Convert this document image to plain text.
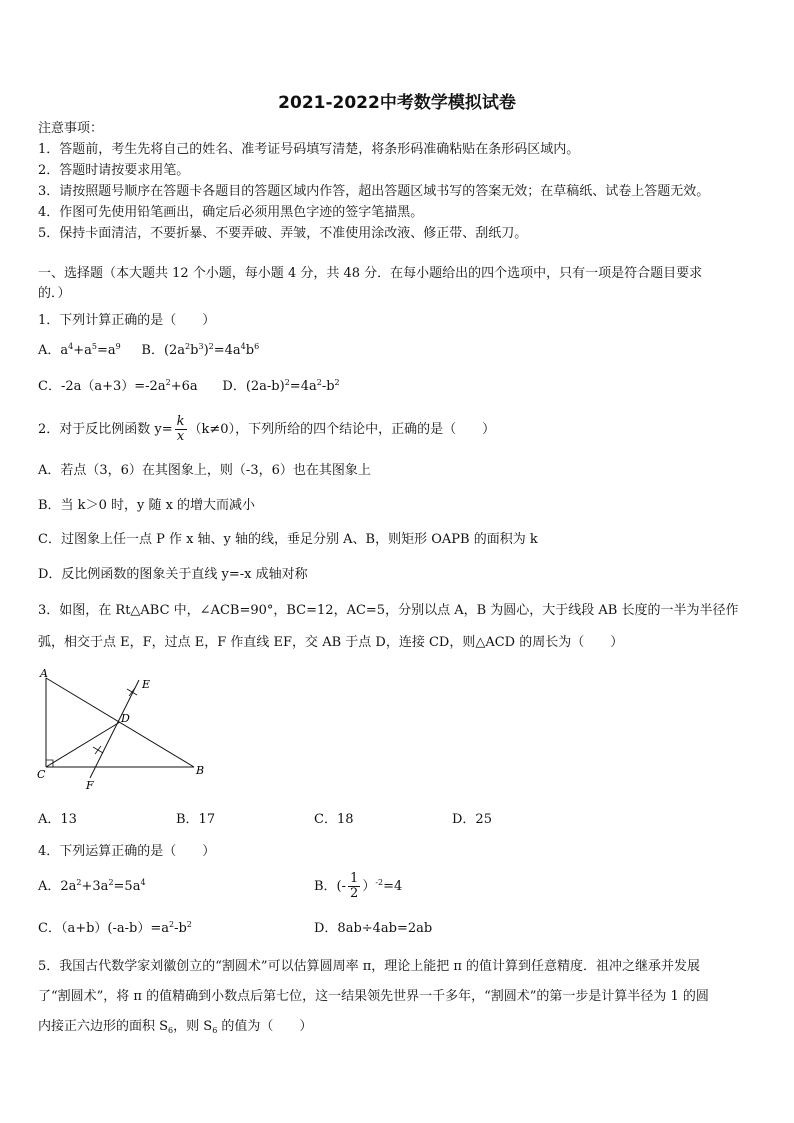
2021-2022中考数学模拟试卷
注意事项：
1．答题前，考生先将自己的姓名、准考证号码填写清楚，将条形码准确粘贴在条形码区域内。
2．答题时请按要求用笔。
3．请按照题号顺序在答题卡各题目的答题区域内作答，超出答题区域书写的答案无效；在草稿纸、试卷上答题无效。
4．作图可先使用铅笔画出，确定后必须用黑色字迹的签字笔描黑。
5．保持卡面清洁，不要折暴、不要弄破、弄皱，不准使用涂改液、修正带、刮纸刀。
一、选择题（本大题共 12 个小题，每小题 4 分，共 48 分．在每小题给出的四个选项中，只有一项是符合题目要求
的．）
1．下列计算正确的是（　　）
A．$a^4+a^5=a^9$     B．$(2a^2b^3)^2=4a^4b^6$
C．$-2a(a+3)=-2a^2+6a$      D．$(2a-b)^2=4a^2-b^2$
2．对于反比例函数 $y= \frac{k}{x} (k\ne 0)$，下列所给的四个结论中，正确的是（　　）
A．若点（3，6）在其图象上，则（-3，6）也在其图象上
B．当 k＞0 时，y 随 x 的增大而减小
C．过图象上任一点 P 作 x 轴、y 轴的线，垂足分别 A、B，则矩形 OAPB 的面积为 k
D．反比例函数的图象关于直线 y=-x 成轴对称
3．如图，在 Rt△ABC 中，∠ACB=90°，BC=12，AC=5，分别以点 A，B 为圆心，大于线段 AB 长度的一半为半径作
弧，相交于点 E，F，过点 E，F 作直线 EF，交 AB 于点 D，连接 CD，则△ACD 的周长为（　　）
A
C	B
D
E
F
A．13	B．17	C．18	D．25
4．下列运算正确的是（　　）
A．$2a^2+3a^2=5a^4$	B．(- $\frac{1}{2} )^{-2}=4$
C．$(a+b)(-a-b)=a^2-b^2$	D．8ab÷4ab=2ab
5．我国古代数学家刘徽创立的“割圆术”可以估算圆周率 π，理论上能把 π 的值计算到任意精度．祖冲之继承并发展
了“割圆术”，将 π 的值精确到小数点后第七位，这一结果领先世界一千多年，“割圆术”的第一步是计算半径为 1 的圆
内接正六边形的面积 $S_6$，则 $S_6$ 的值为（　　）
